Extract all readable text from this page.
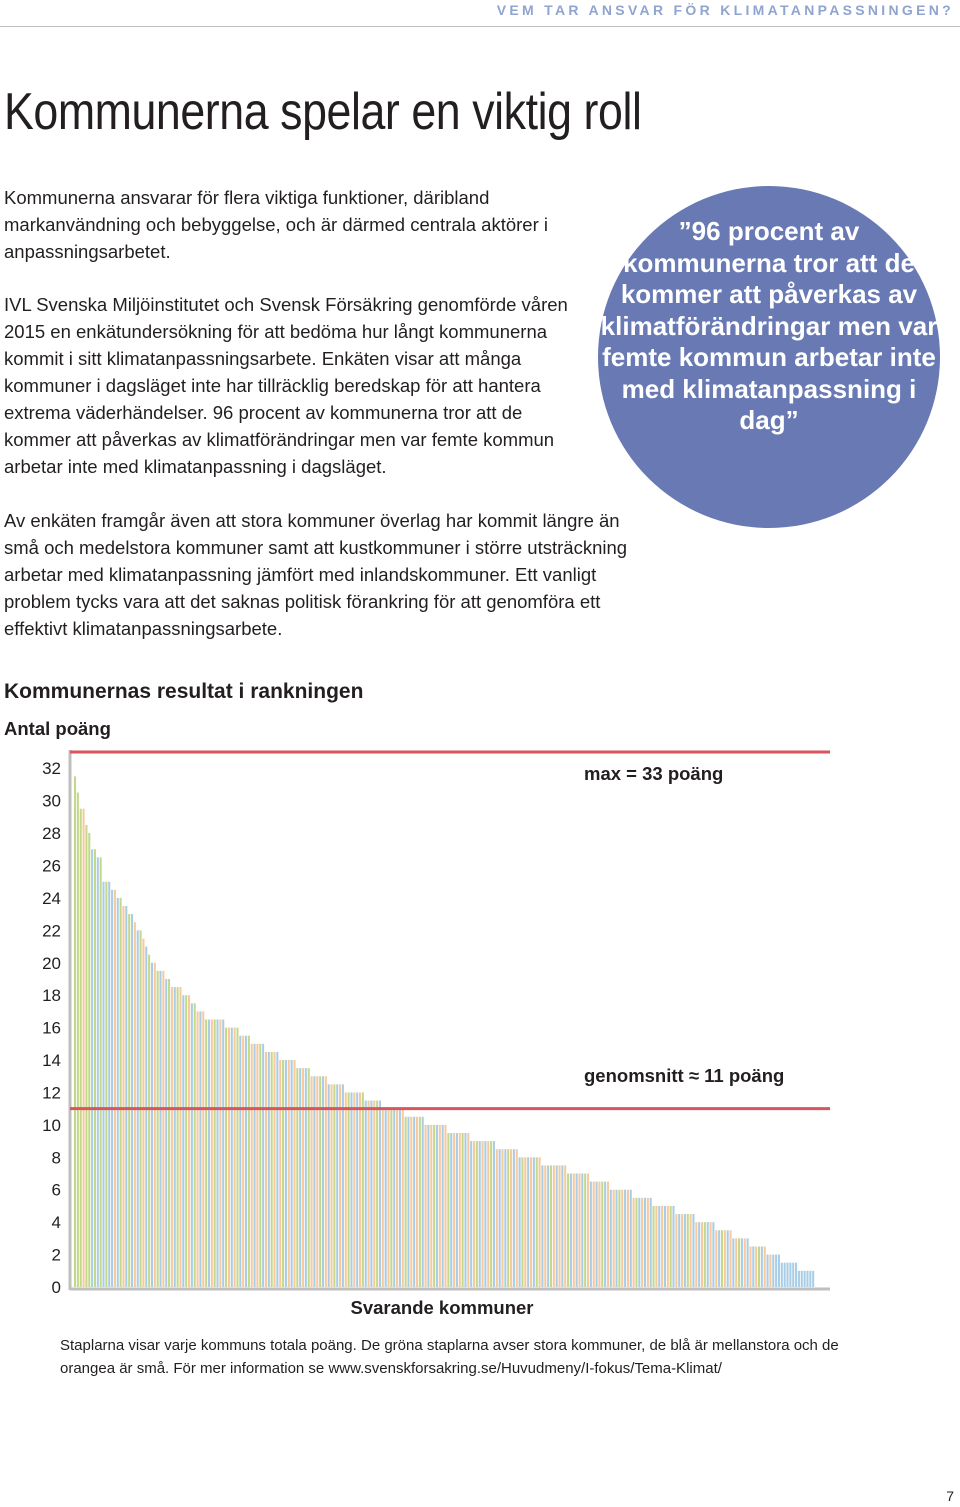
VEM TAR ANSVAR FÖR KLIMATANPASSNINGEN?
Kommunerna spelar en viktig roll

Kommunerna ansvarar för flera viktiga funktioner, däribland markanvändning och bebyggelse, och är därmed centrala aktörer i anpassningsarbetet.

IVL Svenska Miljöinstitutet och Svensk Försäkring genomförde våren 2015 en enkätundersökning för att bedöma hur långt kommunerna kommit i sitt klimatanpassningsarbete. Enkäten visar att många kommuner i dagsläget inte har tillräcklig beredskap för att hantera extrema väderhändelser. 96 procent av kommunerna tror att de kommer att påverkas av klimatförändringar men var femte kommun arbetar inte med klimatanpassning i dagsläget.

Av enkäten framgår även att stora kommuner överlag har kommit längre än små och medelstora kommuner samt att kustkommuner i större utsträckning arbetar med klimatanpassning jämfört med inlandskommuner. Ett vanligt problem tycks vara att det saknas politisk förankring för att genomföra ett effektivt klimatanpassningsarbete.

”96 procent av kommunerna tror att de kommer att påverkas av klimatförändringar men var femte kommun arbetar inte med klimatanpassning i dag”

Kommunernas resultat i rankningen

Antal poäng

0
2
4
6
8
10
12
14
16
18
20
22
24
26
28
30
32	max = 33 poäng
genomsnitt ≈ 11 poäng
Svarande kommuner

Staplarna visar varje kommuns totala poäng. De gröna staplarna avser stora kommuner, de blå är mellanstora och de orangea är små. För mer information se www.svenskforsakring.se/Huvudmeny/I-fokus/Tema-Klimat/

7
